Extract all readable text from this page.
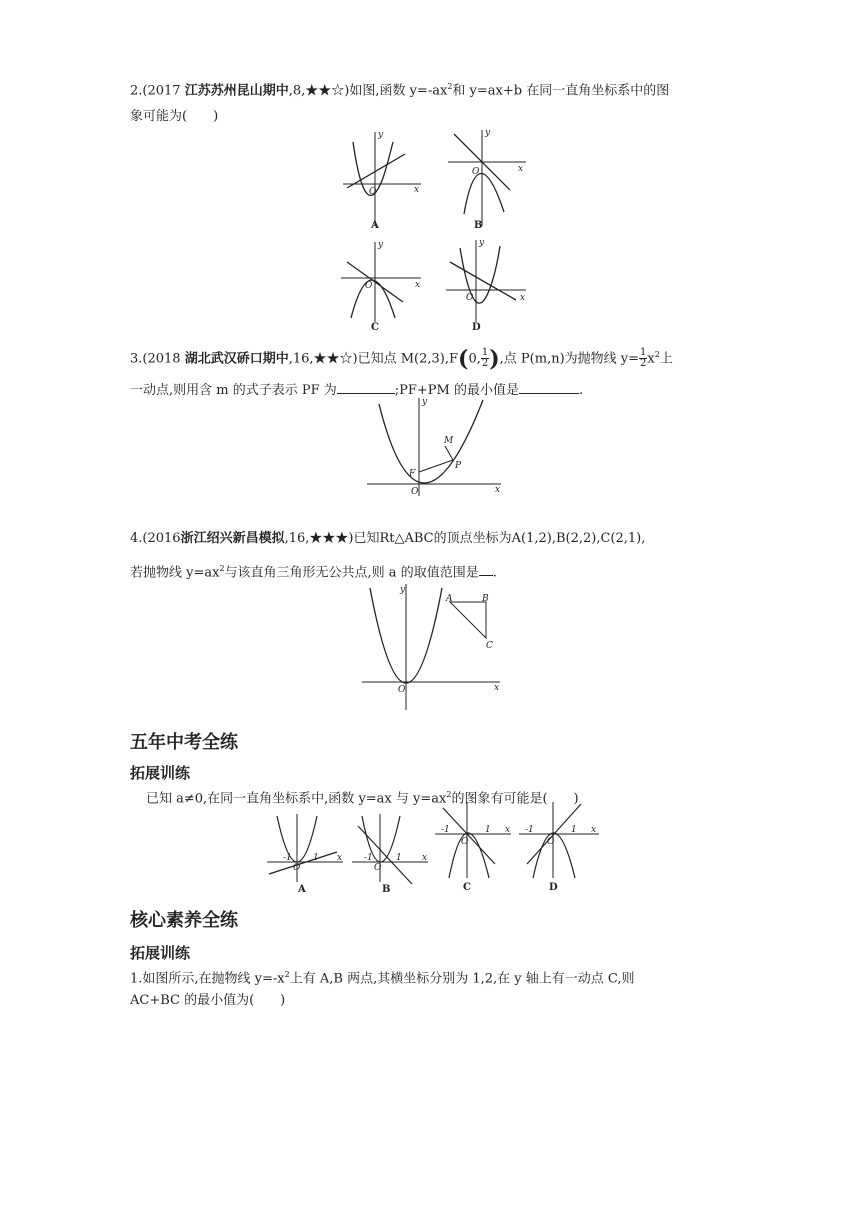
2.(2017 江苏苏州昆山期中,8,★★☆)如图,函数 $y=-ax^2$和 y=ax+b 在同一直角坐标系中的图
象可能为(　　)
y
x
O
A
y
x
O
B
y
x
O
C
y
x
O
D
3.(2018 湖北武汉硚口期中,16,★★☆)已知点 M(2,3),F(0, $\frac{1}{2}$ ),点 P(m,n)为抛物线 $y= \frac{1}{2} x^2$上
一动点,则用含 m 的式子表示 PF 为	;PF+PM 的最小值是	.
M
P
F
O	x
y
4.(2016浙江绍兴新昌模拟,16,★★★)已知Rt△ABC的顶点坐标为A(1,2),B(2,2),C(2,1),
若抛物线 $y=ax^2$与该直角三角形无公共点,则 a 的取值范围是 .
A	B
C
O	x
y
五年中考全练
拓展训练
已知 a≠0,在同一直角坐标系中,函数 y=ax 与 $y=ax^2$的图象有可能是(　　)
-1 1 x
O
A
-1	1 x
O
B
-1	1 x
O
C
-1	1 x
O
D
核心素养全练
拓展训练
1.如图所示,在抛物线 $y=-x^2$上有 A,B 两点,其横坐标分别为 1,2,在 y 轴上有一动点 C,则
AC+BC 的最小值为(　　)
